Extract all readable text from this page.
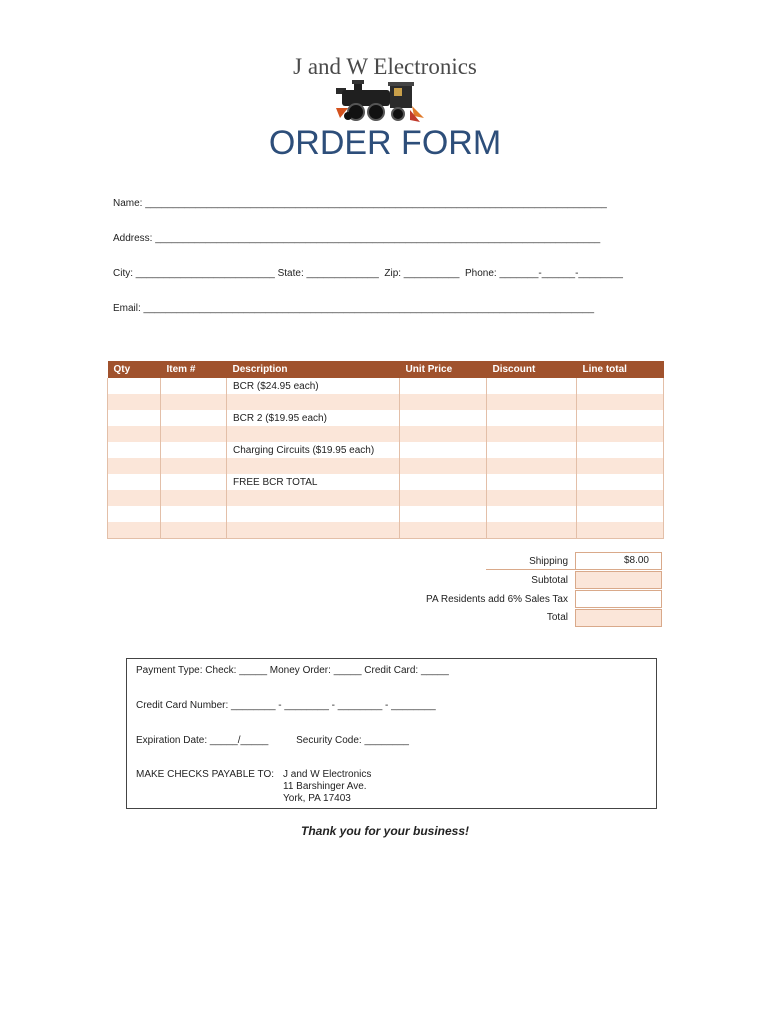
J and W Electronics
ORDER FORM
Name: ___________________________________________________________________________________
Address: ________________________________________________________________________________
City: _________________________ State: _____________  Zip: __________  Phone: _______-______-________
Email: _________________________________________________________________________________
Qty	Item #	Description	Unit Price	Discount	Line total
		BCR ($24.95 each)			

		BCR 2 ($19.95 each)			

		Charging Circuits ($19.95 each)			

		FREE BCR TOTAL			

Shipping	$8.00
Subtotal
PA Residents add 6% Sales Tax
Total
Payment Type: Check: _____ Money Order: _____ Credit Card: _____
Credit Card Number: ________ - ________ - ________ - ________
Expiration Date: _____/_____          Security Code: ________
MAKE CHECKS PAYABLE TO: J and W Electronics
11 Barshinger Ave.
York, PA 17403
Thank you for your business!
